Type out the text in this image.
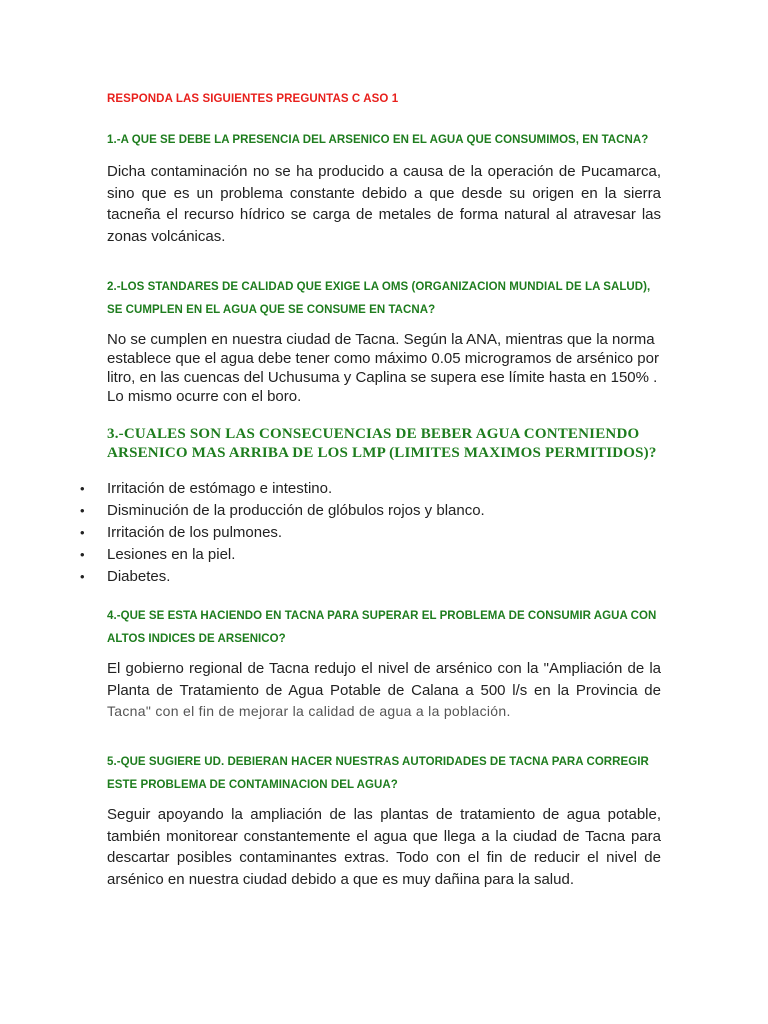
RESPONDA LAS SIGUIENTES PREGUNTAS C ASO 1
1.-A QUE SE DEBE LA PRESENCIA DEL ARSENICO EN EL AGUA QUE CONSUMIMOS, EN TACNA?
Dicha contaminación no se ha producido a causa de la operación de Pucamarca, sino que es un problema constante debido a que desde su origen en la sierra tacneña el recurso hídrico se carga de metales de forma natural al atravesar las zonas volcánicas.
2.-LOS STANDARES DE CALIDAD QUE EXIGE LA OMS (ORGANIZACION MUNDIAL DE LA SALUD), SE CUMPLEN EN EL AGUA QUE SE CONSUME EN TACNA?
No se cumplen en nuestra ciudad de Tacna. Según la ANA, mientras que la norma establece que el agua debe tener como máximo 0.05 microgramos de arsénico por litro, en las cuencas del Uchusuma y Caplina se supera ese límite hasta en 150% . Lo mismo ocurre con el boro.
3.-CUALES SON LAS CONSECUENCIAS DE BEBER AGUA CONTENIENDO ARSENICO MAS ARRIBA DE LOS LMP (LIMITES MAXIMOS PERMITIDOS)?
• Irritación de estómago e intestino.
• Disminución de la producción de glóbulos rojos y blanco.
• Irritación de los pulmones.
• Lesiones en la piel.
• Diabetes.
4.-QUE SE ESTA HACIENDO EN TACNA PARA SUPERAR EL PROBLEMA DE CONSUMIR AGUA CON ALTOS INDICES DE ARSENICO?
El gobierno regional de Tacna redujo el nivel de arsénico con la "Ampliación de la Planta de Tratamiento de Agua Potable de Calana a 500 l/s en la Provincia de Tacna" con el fin de mejorar la calidad de agua a la población.
5.-QUE SUGIERE UD. DEBIERAN HACER NUESTRAS AUTORIDADES DE TACNA PARA CORREGIR ESTE PROBLEMA DE CONTAMINACION DEL AGUA?
Seguir apoyando la ampliación de las plantas de tratamiento de agua potable, también monitorear constantemente el agua que llega a la ciudad de Tacna para descartar posibles contaminantes extras. Todo con el fin de reducir el nivel de arsénico en nuestra ciudad debido a que es muy dañina para la salud.
